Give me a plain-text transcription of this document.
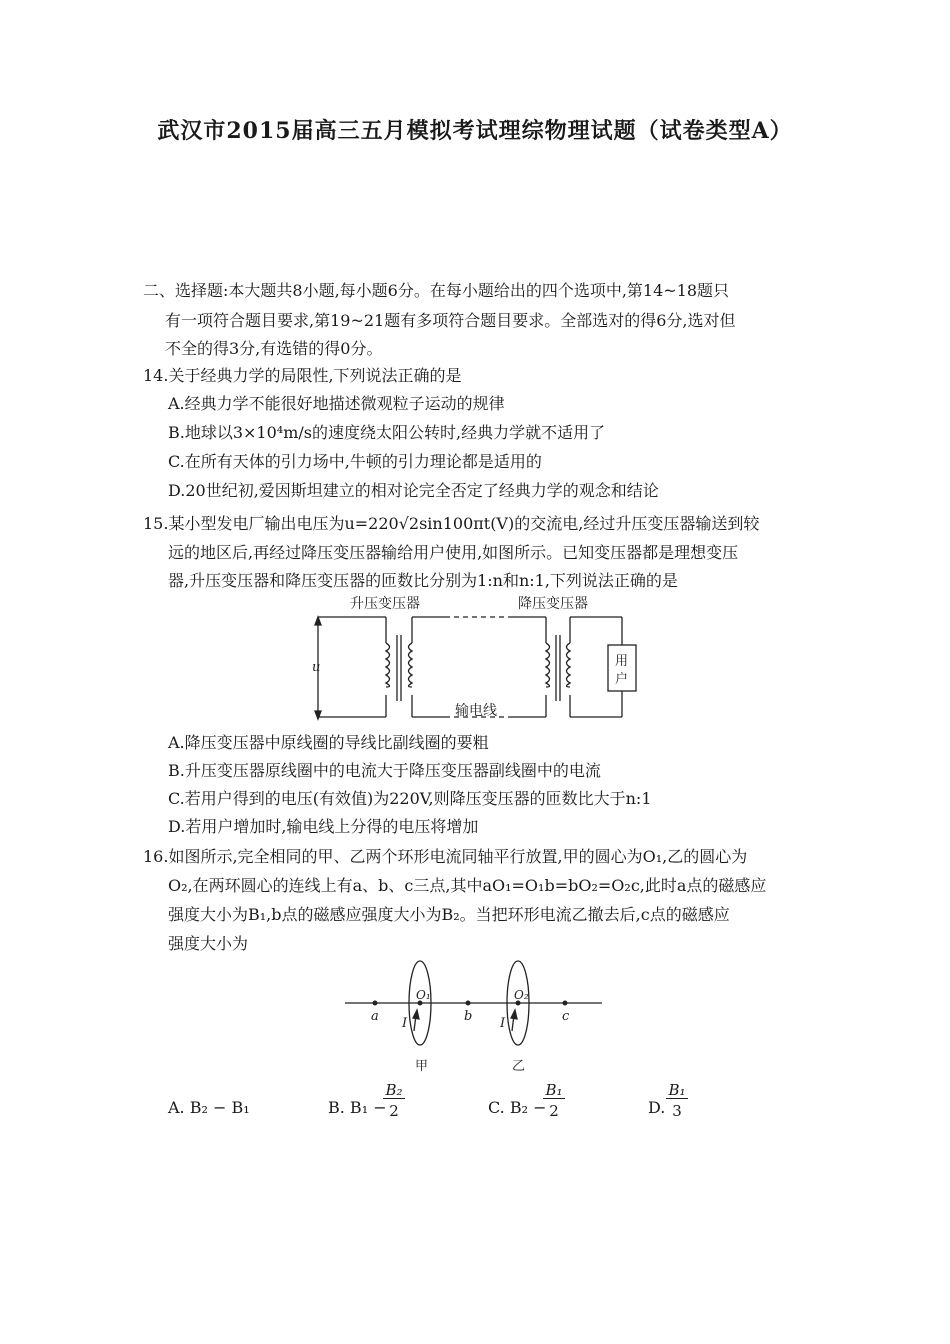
武汉市2015届高三五月模拟考试理综物理试题（试卷类型A）
二、选择题:本大题共8小题,每小题6分。在每小题给出的四个选项中,第14~18题只
有一项符合题目要求,第19~21题有多项符合题目要求。全部选对的得6分,选对但
不全的得3分,有选错的得0分。
14.关于经典力学的局限性,下列说法正确的是
A.经典力学不能很好地描述微观粒子运动的规律
B.地球以3×10⁴m/s的速度绕太阳公转时,经典力学就不适用了
C.在所有天体的引力场中,牛顿的引力理论都是适用的
D.20世纪初,爱因斯坦建立的相对论完全否定了经典力学的观念和结论
15.某小型发电厂输出电压为u=220√2sin100πt(V)的交流电,经过升压变压器输送到较
远的地区后,再经过降压变压器输给用户使用,如图所示。已知变压器都是理想变压
器,升压变压器和降压变压器的匝数比分别为1:n和n:1,下列说法正确的是
升压变压器	降压变压器
u	用
户
输电线
A.降压变压器中原线圈的导线比副线圈的要粗
B.升压变压器原线圈中的电流大于降压变压器副线圈中的电流
C.若用户得到的电压(有效值)为220V,则降压变压器的匝数比大于n:1
D.若用户增加时,输电线上分得的电压将增加
16.如图所示,完全相同的甲、乙两个环形电流同轴平行放置,甲的圆心为O₁,乙的圆心为
O₂,在两环圆心的连线上有a、b、c三点,其中aO₁=O₁b=bO₂=O₂c,此时a点的磁感应
强度大小为B₁,b点的磁感应强度大小为B₂。当把环形电流乙撤去后,c点的磁感应
强度大小为
a	b	c
O₁	O₂
I	I
甲	乙
A. B₂ − B₁	B. B₁ −
B₂
2	C. B₂ −
B₁
2	D.
B₁
3
